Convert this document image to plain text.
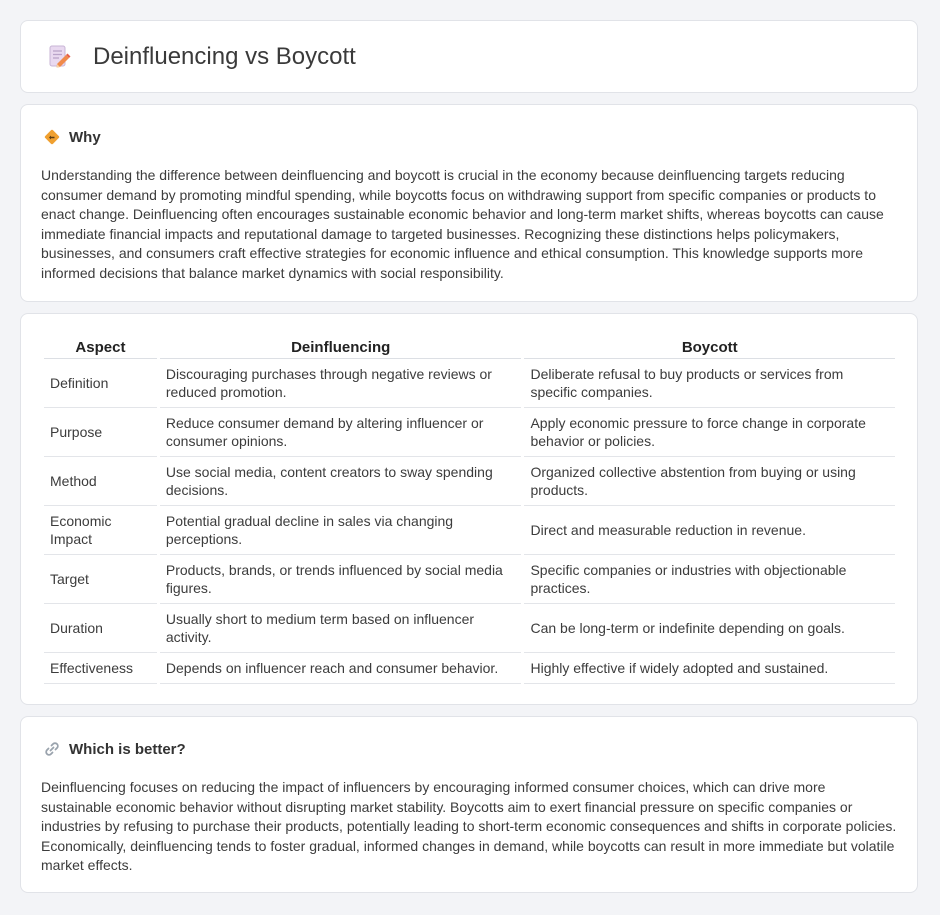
Deinfluencing vs Boycott
Why

Understanding the difference between deinfluencing and boycott is crucial in the economy because deinfluencing targets reducing consumer demand by promoting mindful spending, while boycotts focus on withdrawing support from specific companies or products to enact change. Deinfluencing often encourages sustainable economic behavior and long-term market shifts, whereas boycotts can cause immediate financial impacts and reputational damage to targeted businesses. Recognizing these distinctions helps policymakers, businesses, and consumers craft effective strategies for economic influence and ethical consumption. This knowledge supports more informed decisions that balance market dynamics with social responsibility.

Aspect	Deinfluencing	Boycott
Definition	Discouraging purchases through negative reviews or reduced promotion.	Deliberate refusal to buy products or services from specific companies.
Purpose	Reduce consumer demand by altering influencer or consumer opinions.	Apply economic pressure to force change in corporate behavior or policies.
Method	Use social media, content creators to sway spending decisions.	Organized collective abstention from buying or using products.
Economic Impact	Potential gradual decline in sales via changing perceptions.	Direct and measurable reduction in revenue.
Target	Products, brands, or trends influenced by social media figures.	Specific companies or industries with objectionable practices.
Duration	Usually short to medium term based on influencer activity.	Can be long-term or indefinite depending on goals.
Effectiveness	Depends on influencer reach and consumer behavior.	Highly effective if widely adopted and sustained.
Which is better?

Deinfluencing focuses on reducing the impact of influencers by encouraging informed consumer choices, which can drive more sustainable economic behavior without disrupting market stability. Boycotts aim to exert financial pressure on specific companies or industries by refusing to purchase their products, potentially leading to short-term economic consequences and shifts in corporate policies. Economically, deinfluencing tends to foster gradual, informed changes in demand, while boycotts can result in more immediate but volatile market effects.
